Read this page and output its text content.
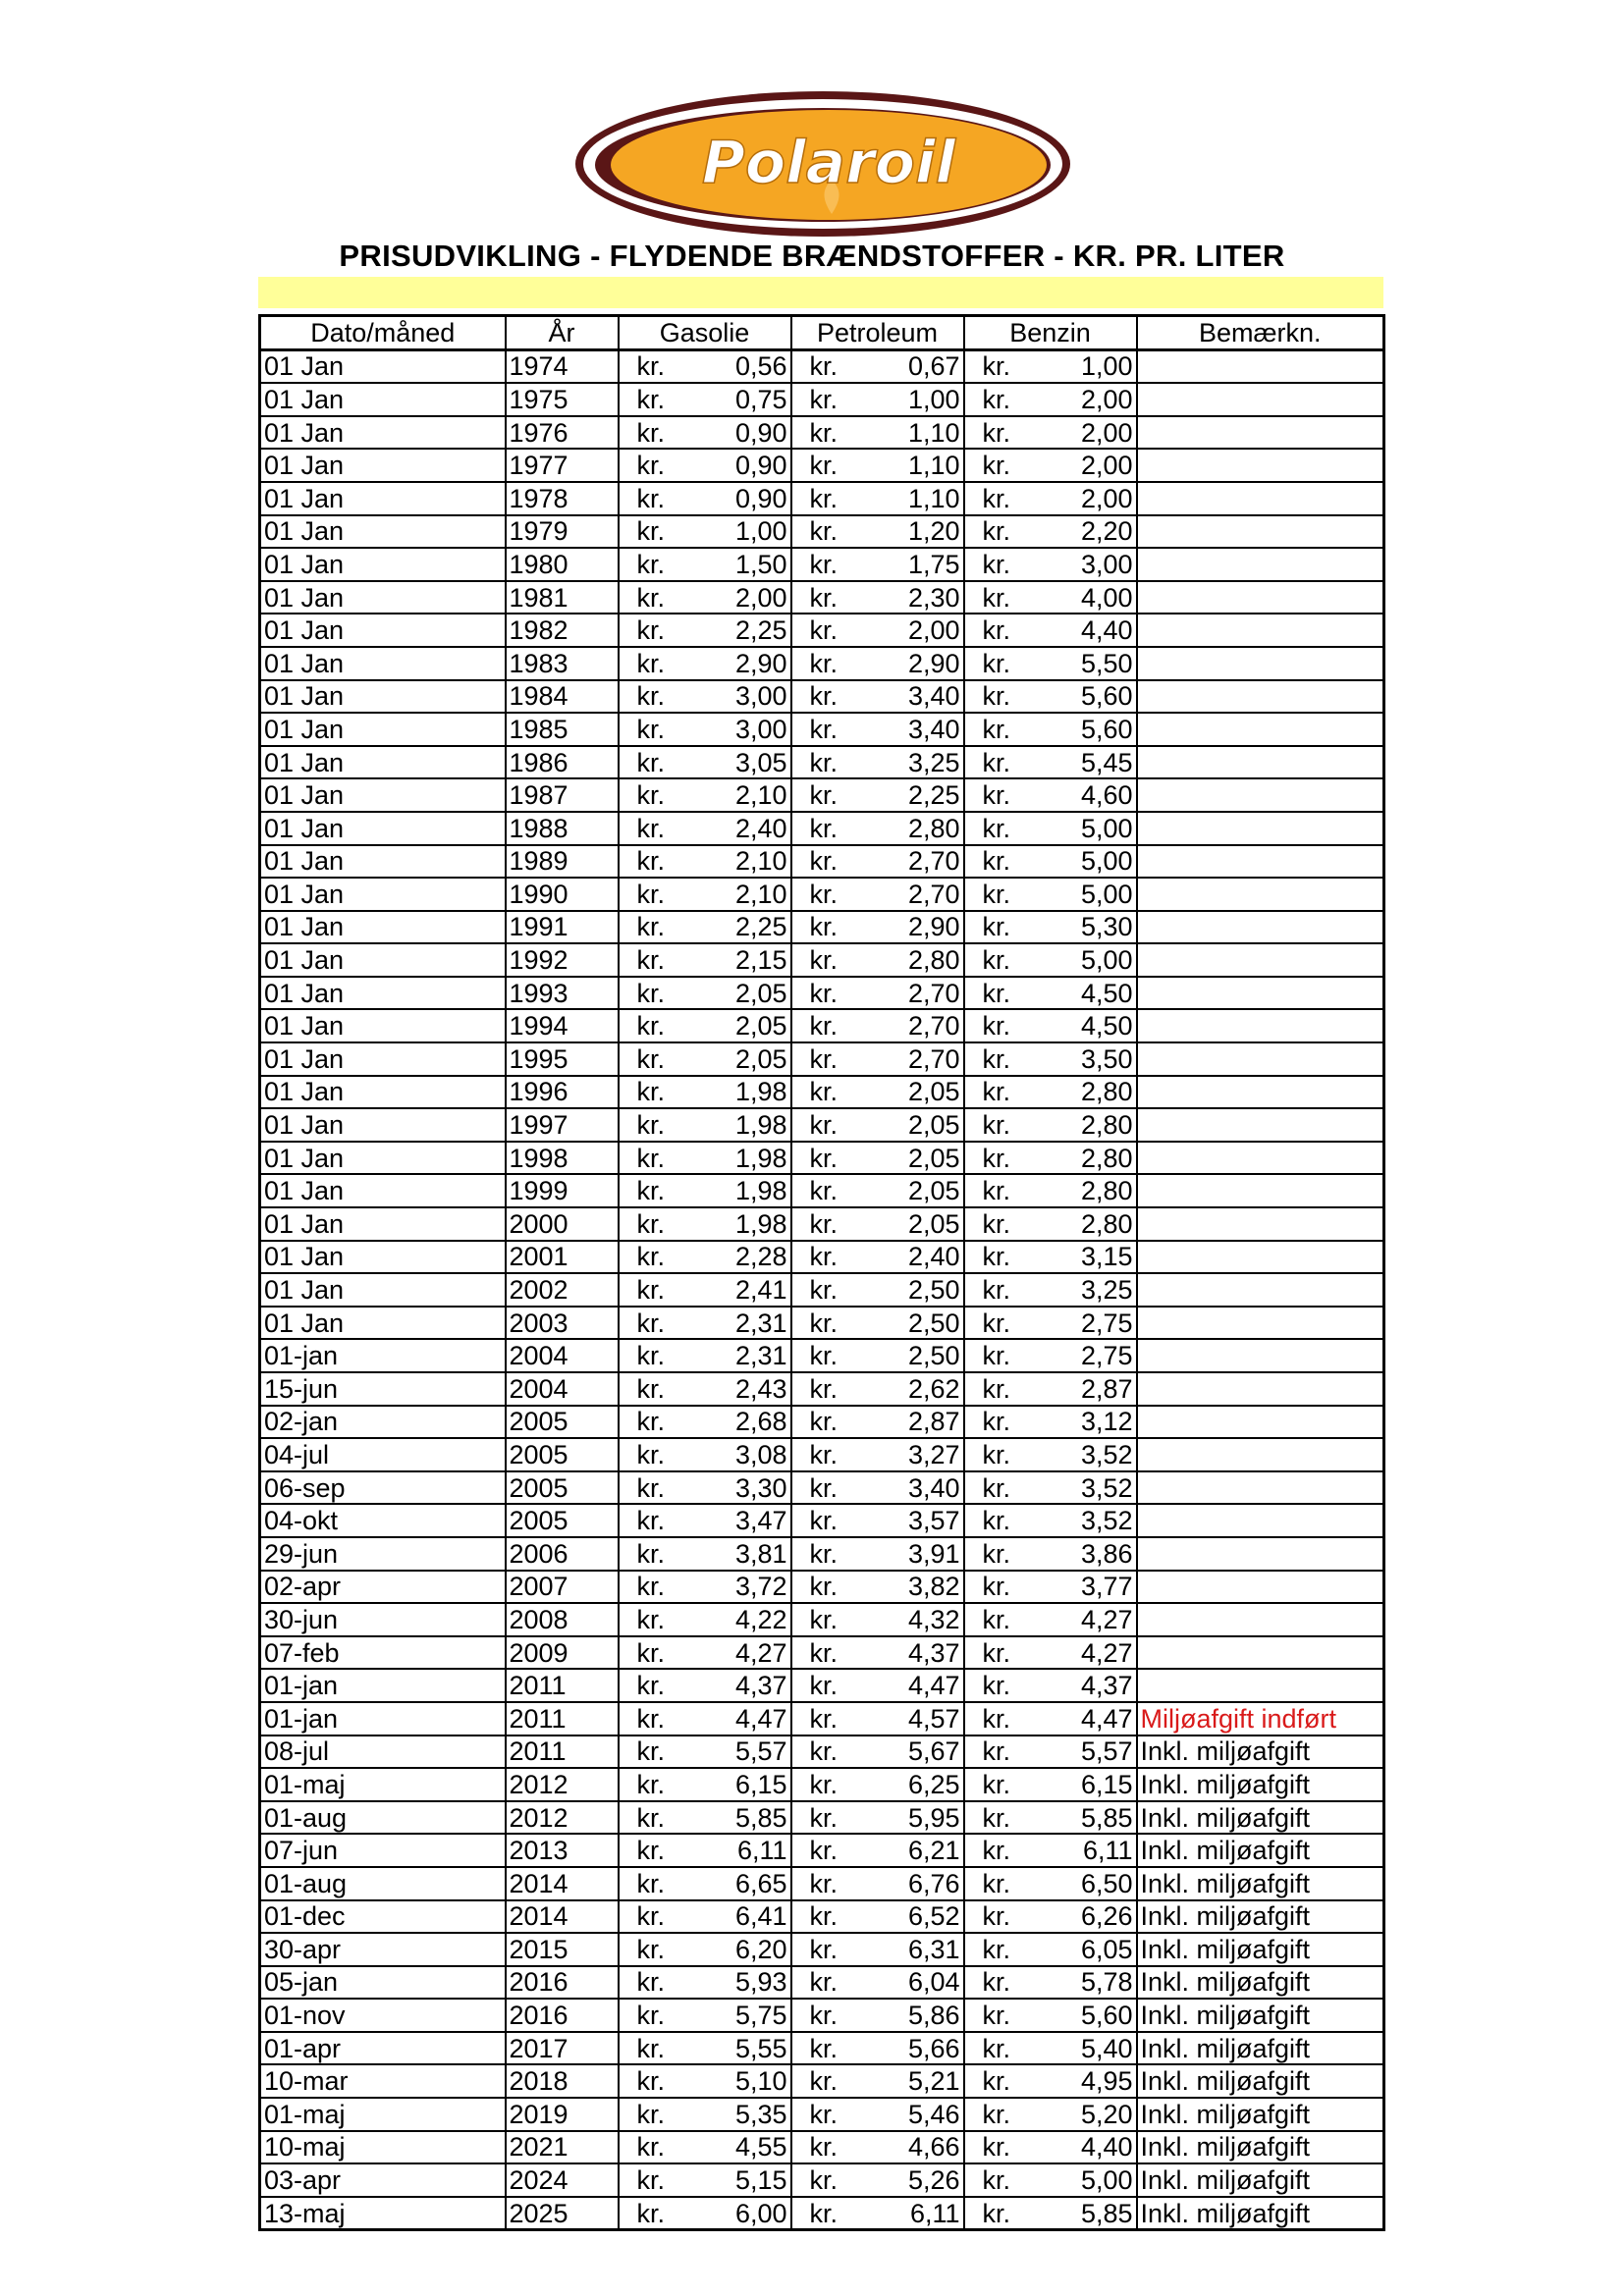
Polaroil
PRISUDVIKLING - FLYDENDE BRÆNDSTOFFER - KR. PR. LITER
Dato/måned	År	Gasolie	Petroleum	Benzin	Bemærkn.
01 Jan	1974	kr. 0,56	kr. 0,67	kr. 1,00	

01 Jan	1975	kr. 0,75	kr. 1,00	kr. 2,00	

01 Jan	1976	kr. 0,90	kr. 1,10	kr. 2,00	

01 Jan	1977	kr. 0,90	kr. 1,10	kr. 2,00	

01 Jan	1978	kr. 0,90	kr. 1,10	kr. 2,00	

01 Jan	1979	kr. 1,00	kr. 1,20	kr. 2,20	

01 Jan	1980	kr. 1,50	kr. 1,75	kr. 3,00	

01 Jan	1981	kr. 2,00	kr. 2,30	kr. 4,00	

01 Jan	1982	kr. 2,25	kr. 2,00	kr. 4,40	

01 Jan	1983	kr. 2,90	kr. 2,90	kr. 5,50	

01 Jan	1984	kr. 3,00	kr. 3,40	kr. 5,60	

01 Jan	1985	kr. 3,00	kr. 3,40	kr. 5,60	

01 Jan	1986	kr. 3,05	kr. 3,25	kr. 5,45	

01 Jan	1987	kr. 2,10	kr. 2,25	kr. 4,60	

01 Jan	1988	kr. 2,40	kr. 2,80	kr. 5,00	

01 Jan	1989	kr. 2,10	kr. 2,70	kr. 5,00	

01 Jan	1990	kr. 2,10	kr. 2,70	kr. 5,00	

01 Jan	1991	kr. 2,25	kr. 2,90	kr. 5,30	

01 Jan	1992	kr. 2,15	kr. 2,80	kr. 5,00	

01 Jan	1993	kr. 2,05	kr. 2,70	kr. 4,50	

01 Jan	1994	kr. 2,05	kr. 2,70	kr. 4,50	

01 Jan	1995	kr. 2,05	kr. 2,70	kr. 3,50	

01 Jan	1996	kr. 1,98	kr. 2,05	kr. 2,80	

01 Jan	1997	kr. 1,98	kr. 2,05	kr. 2,80	

01 Jan	1998	kr. 1,98	kr. 2,05	kr. 2,80	

01 Jan	1999	kr. 1,98	kr. 2,05	kr. 2,80	

01 Jan	2000	kr. 1,98	kr. 2,05	kr. 2,80	

01 Jan	2001	kr. 2,28	kr. 2,40	kr. 3,15	

01 Jan	2002	kr. 2,41	kr. 2,50	kr. 3,25	

01 Jan	2003	kr. 2,31	kr. 2,50	kr. 2,75	

01-jan	2004	kr. 2,31	kr. 2,50	kr. 2,75	

15-jun	2004	kr. 2,43	kr. 2,62	kr. 2,87	

02-jan	2005	kr. 2,68	kr. 2,87	kr. 3,12	

04-jul	2005	kr. 3,08	kr. 3,27	kr. 3,52	

06-sep	2005	kr. 3,30	kr. 3,40	kr. 3,52	

04-okt	2005	kr. 3,47	kr. 3,57	kr. 3,52	

29-jun	2006	kr. 3,81	kr. 3,91	kr. 3,86	

02-apr	2007	kr. 3,72	kr. 3,82	kr. 3,77	

30-jun	2008	kr. 4,22	kr. 4,32	kr. 4,27	

07-feb	2009	kr. 4,27	kr. 4,37	kr. 4,27	

01-jan	2011	kr. 4,37	kr. 4,47	kr. 4,37	

01-jan	2011	kr. 4,47	kr. 4,57	kr. 4,47	Miljøafgift indført
08-jul	2011	kr. 5,57	kr. 5,67	kr. 5,57	Inkl. miljøafgift
01-maj	2012	kr. 6,15	kr. 6,25	kr. 6,15	Inkl. miljøafgift
01-aug	2012	kr. 5,85	kr. 5,95	kr. 5,85	Inkl. miljøafgift
07-jun	2013	kr. 6,11	kr. 6,21	kr. 6,11	Inkl. miljøafgift
01-aug	2014	kr. 6,65	kr. 6,76	kr. 6,50	Inkl. miljøafgift
01-dec	2014	kr. 6,41	kr. 6,52	kr. 6,26	Inkl. miljøafgift
30-apr	2015	kr. 6,20	kr. 6,31	kr. 6,05	Inkl. miljøafgift
05-jan	2016	kr. 5,93	kr. 6,04	kr. 5,78	Inkl. miljøafgift
01-nov	2016	kr. 5,75	kr. 5,86	kr. 5,60	Inkl. miljøafgift
01-apr	2017	kr. 5,55	kr. 5,66	kr. 5,40	Inkl. miljøafgift
10-mar	2018	kr. 5,10	kr. 5,21	kr. 4,95	Inkl. miljøafgift
01-maj	2019	kr. 5,35	kr. 5,46	kr. 5,20	Inkl. miljøafgift
10-maj	2021	kr. 4,55	kr. 4,66	kr. 4,40	Inkl. miljøafgift
03-apr	2024	kr. 5,15	kr. 5,26	kr. 5,00	Inkl. miljøafgift
13-maj	2025	kr. 6,00	kr. 6,11	kr. 5,85	Inkl. miljøafgift
